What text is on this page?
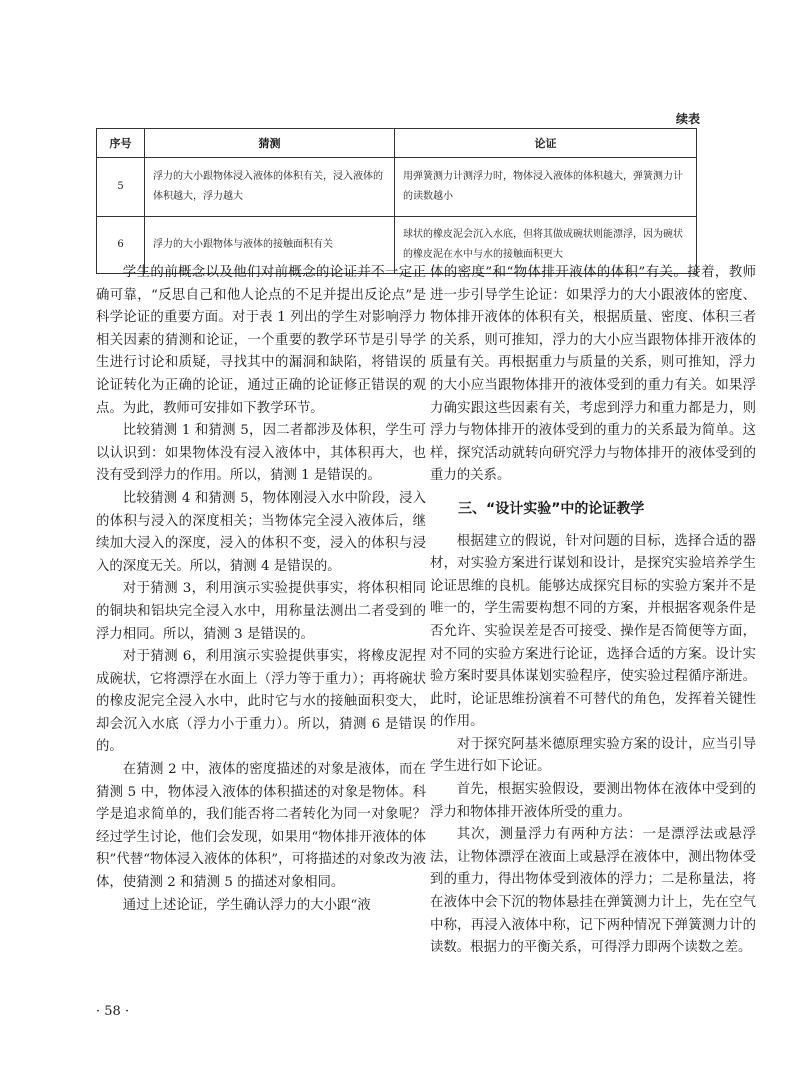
续表
序号	猜测	论证
5	浮力的大小跟物体浸入液体的体积有关，浸入液体的体积越大，浮力越大	用弹簧测力计测浮力时，物体浸入液体的体积越大，弹簧测力计的读数越小
6	浮力的大小跟物体与液体的接触面积有关	球状的橡皮泥会沉入水底，但将其做成碗状则能漂浮，因为碗状的橡皮泥在水中与水的接触面积更大

学生的前概念以及他们对前概念的论证并不一定正确可靠，“反思自己和他人论点的不足并提出反论点”是科学论证的重要方面。对于表 1 列出的学生对影响浮力相关因素的猜测和论证，一个重要的教学环节是引导学生进行讨论和质疑，寻找其中的漏洞和缺陷，将错误的论证转化为正确的论证，通过正确的论证修正错误的观点。为此，教师可安排如下教学环节。

比较猜测 1 和猜测 5，因二者都涉及体积，学生可以认识到：如果物体没有浸入液体中，其体积再大，也没有受到浮力的作用。所以，猜测 1 是错误的。

比较猜测 4 和猜测 5，物体刚浸入水中阶段，浸入的体积与浸入的深度相关；当物体完全浸入液体后，继续加大浸入的深度，浸入的体积不变，浸入的体积与浸入的深度无关。所以，猜测 4 是错误的。

对于猜测 3，利用演示实验提供事实，将体积相同的铜块和铝块完全浸入水中，用称量法测出二者受到的浮力相同。所以，猜测 3 是错误的。

对于猜测 6，利用演示实验提供事实，将橡皮泥捏成碗状，它将漂浮在水面上（浮力等于重力）；再将碗状的橡皮泥完全浸入水中，此时它与水的接触面积变大，却会沉入水底（浮力小于重力）。所以，猜测 6 是错误的。

在猜测 2 中，液体的密度描述的对象是液体，而在猜测 5 中，物体浸入液体的体积描述的对象是物体。科学是追求简单的，我们能否将二者转化为同一对象呢？经过学生讨论，他们会发现，如果用“物体排开液体的体积”代替“物体浸入液体的体积”，可将描述的对象改为液体，使猜测 2 和猜测 5 的描述对象相同。

通过上述论证，学生确认浮力的大小跟“液

体的密度”和“物体排开液体的体积”有关。接着，教师进一步引导学生论证：如果浮力的大小跟液体的密度、物体排开液体的体积有关，根据质量、密度、体积三者的关系，则可推知，浮力的大小应当跟物体排开液体的质量有关。再根据重力与质量的关系，则可推知，浮力的大小应当跟物体排开的液体受到的重力有关。如果浮力确实跟这些因素有关，考虑到浮力和重力都是力，则浮力与物体排开的液体受到的重力的关系最为简单。这样，探究活动就转向研究浮力与物体排开的液体受到的重力的关系。

三、“设计实验”中的论证教学

根据建立的假说，针对问题的目标，选择合适的器材，对实验方案进行谋划和设计，是探究实验培养学生论证思维的良机。能够达成探究目标的实验方案并不是唯一的，学生需要构想不同的方案，并根据客观条件是否允许、实验误差是否可接受、操作是否简便等方面，对不同的实验方案进行论证，选择合适的方案。设计实验方案时要具体谋划实验程序，使实验过程循序渐进。此时，论证思维扮演着不可替代的角色，发挥着关键性的作用。

对于探究阿基米德原理实验方案的设计，应当引导学生进行如下论证。

首先，根据实验假设，要测出物体在液体中受到的浮力和物体排开液体所受的重力。

其次，测量浮力有两种方法：一是漂浮法或悬浮法，让物体漂浮在液面上或悬浮在液体中，测出物体受到的重力，得出物体受到液体的浮力；二是称量法，将在液体中会下沉的物体悬挂在弹簧测力计上，先在空气中称，再浸入液体中称，记下两种情况下弹簧测力计的读数。根据力的平衡关系，可得浮力即两个读数之差。

· 58 ·
